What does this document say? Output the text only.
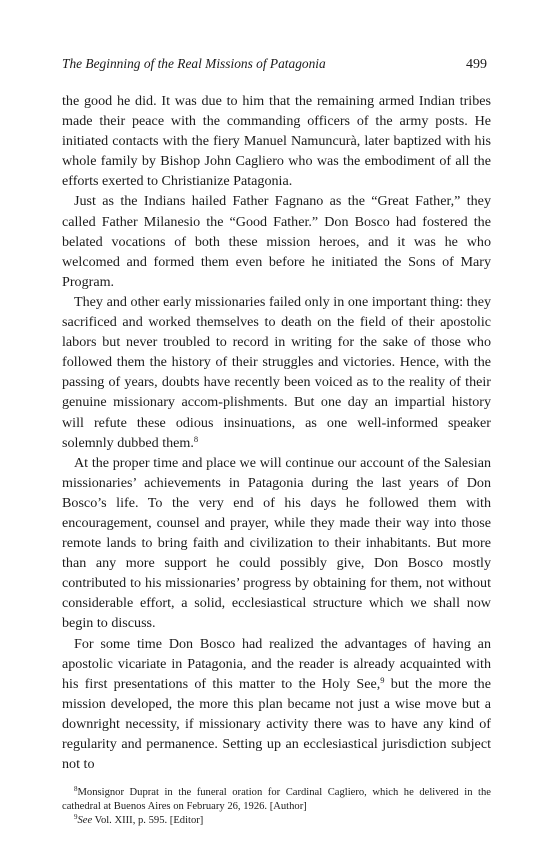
The Beginning of the Real Missions of Patagonia	499

the good he did. It was due to him that the remaining armed Indian tribes made their peace with the commanding officers of the army posts. He initiated contacts with the fiery Manuel Namuncurà, later baptized with his whole family by Bishop John Cagliero who was the embodiment of all the efforts exerted to Christianize Patagonia.

Just as the Indians hailed Father Fagnano as the “Great Father,” they called Father Milanesio the “Good Father.” Don Bosco had fostered the belated vocations of both these mission heroes, and it was he who welcomed and formed them even before he initiated the Sons of Mary Program.

They and other early missionaries failed only in one important thing: they sacrificed and worked themselves to death on the field of their apostolic labors but never troubled to record in writing for the sake of those who followed them the history of their struggles and victories. Hence, with the passing of years, doubts have recently been voiced as to the reality of their genuine missionary accom-plishments. But one day an impartial history will refute these odious insinuations, as one well-informed speaker solemnly dubbed them.$^8$

At the proper time and place we will continue our account of the Salesian missionaries’ achievements in Patagonia during the last years of Don Bosco’s life. To the very end of his days he followed them with encouragement, counsel and prayer, while they made their way into those remote lands to bring faith and civilization to their inhabitants. But more than any more support he could possibly give, Don Bosco mostly contributed to his missionaries’ progress by obtaining for them, not without considerable effort, a solid, ecclesiastical structure which we shall now begin to discuss.

For some time Don Bosco had realized the advantages of having an apostolic vicariate in Patagonia, and the reader is already acquainted with his first presentations of this matter to the Holy See,$^9$ but the more the mission developed, the more this plan became not just a wise move but a downright necessity, if missionary activity there was to have any kind of regularity and permanence. Setting up an ecclesiastical jurisdiction subject not to

$^8$Monsignor Duprat in the funeral oration for Cardinal Cagliero, which he delivered in the cathedral at Buenos Aires on February 26, 1926. [Author]

$^9$See Vol. XIII, p. 595. [Editor]
